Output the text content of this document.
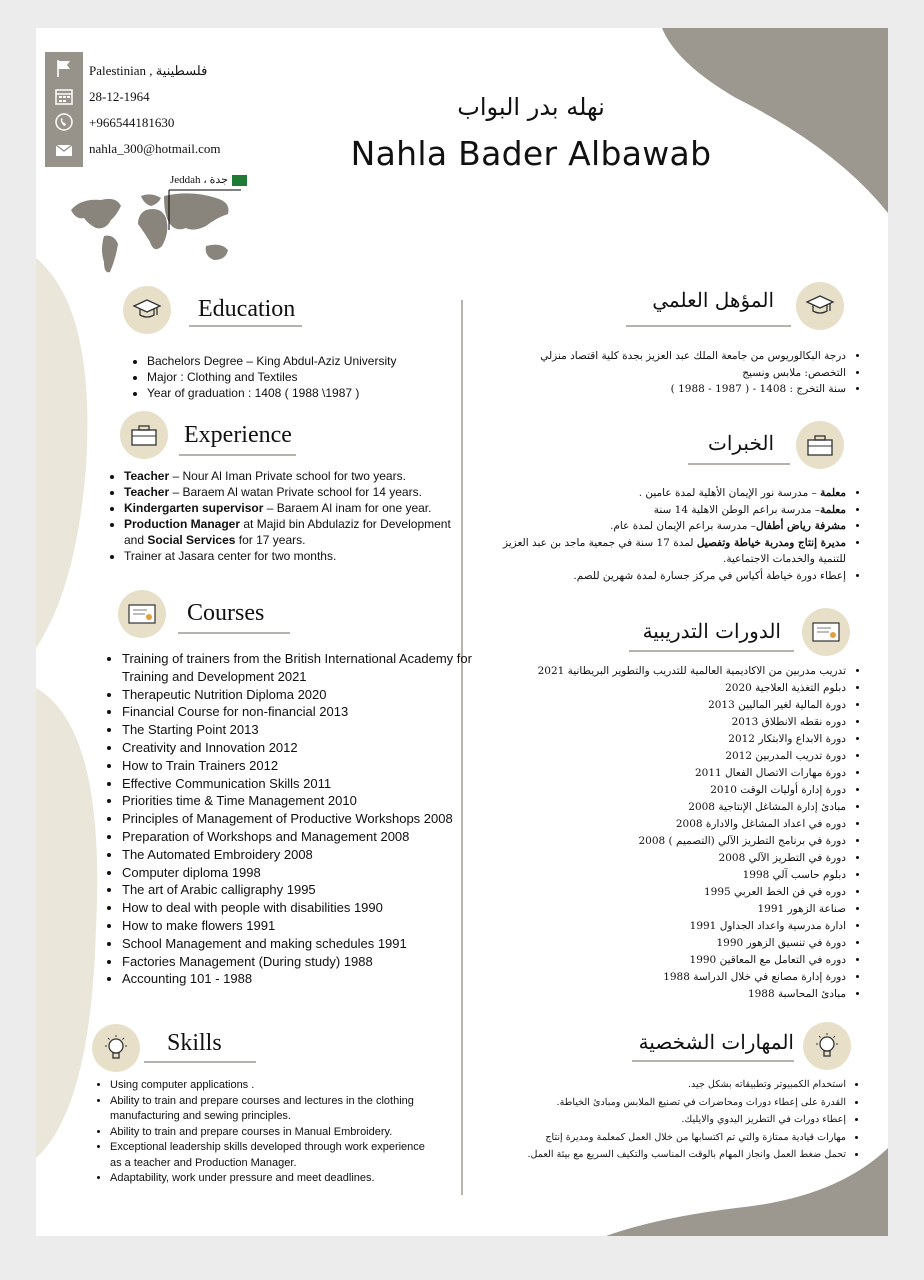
Palestinian , فلسطينية
28-12-1964
+966544181630
nahla_300@hotmail.com
Jeddah ، جدة
نهله بدر البواب
Nahla Bader Albawab
Education
• Bachelors Degree – King Abdul-Aziz University
• Major : Clothing and Textiles
• Year of graduation : 1408 ( 1988 \1987 )
المؤهل العلمي
• درجة البكالوريوس من جامعة الملك عبد العزيز بجدة كلية اقتصاد منزلي
• التخصص: ملابس ونسيج
• سنة التخرج : 1408 - ( 1987 - 1988 )
Experience
• Teacher – Nour Al Iman Private school for two years.
• Teacher – Baraem Al watan Private school for 14 years.
• Kindergarten supervisor – Baraem Al inam for one year.
• Production Manager at Majid bin Abdulaziz for Development and Social Services for 17 years.
• Trainer at Jasara center for two months.
الخبرات
• معلمة – مدرسة نور الإيمان الأهلية لمدة عامين .
• معلمة– مدرسة براعم الوطن الاهلية 14 سنة
• مشرفة رياض أطفال– مدرسة براعم الإيمان لمدة عام.
• مديرة إنتاج ومدربة خياطة وتفصيل لمدة 17 سنة في جمعية ماجد بن عبد العزيز للتنمية والخدمات الاجتماعية.
• إعطاء دورة خياطة أكياس في مركز جسارة لمدة شهرين للصم.
Courses
• Training of trainers from the British International Academy for Training and Development 2021
• Therapeutic Nutrition Diploma 2020
• Financial Course for non-financial 2013
• The Starting Point 2013
• Creativity and Innovation 2012
• How to Train Trainers 2012
• Effective Communication Skills 2011
• Priorities time & Time Management 2010
• Principles of Management of Productive Workshops 2008
• Preparation of Workshops and Management 2008
• The Automated Embroidery 2008
• Computer diploma 1998
• The art of Arabic calligraphy 1995
• How to deal with people with disabilities 1990
• How to make flowers 1991
• School Management and making schedules 1991
• Factories Management (During study) 1988
• Accounting 101 - 1988
الدورات التدريبية
• تدريب مدربين من الاكاديمية العالمية للتدريب والتطوير البريطانية 2021
• دبلوم التغذية العلاجية 2020
• دورة المالية لغير الماليين 2013
• دوره نقطه الانطلاق 2013
• دورة الابداع والابتكار 2012
• دورة تدريب المدربين 2012
• دورة مهارات الاتصال الفعال 2011
• دورة إدارة أوليات الوقت 2010
• مبادئ إدارة المشاغل الإنتاجية 2008
• دوره في اعداد المشاغل والادارة 2008
• دورة في برنامج التطريز الآلي (التصميم ) 2008
• دورة في التطريز الآلي 2008
• دبلوم حاسب آلي 1998
• دوره في فن الخط العربي 1995
• صناعة الزهور 1991
• ادارة مدرسية واعداد الجداول 1991
• دورة في تنسيق الزهور 1990
• دوره في التعامل مع المعاقين 1990
• دورة إدارة مصانع في خلال الدراسة 1988
• مبادئ المحاسبة 1988
Skills
• Using computer applications .
• Ability to train and prepare courses and lectures in the clothing manufacturing and sewing principles.
• Ability to train and prepare courses in Manual Embroidery.
• Exceptional leadership skills developed through work experience as a teacher and Production Manager.
• Adaptability, work under pressure and meet deadlines.
المهارات الشخصية
• استخدام الكمبيوتر وتطبيقاته بشكل جيد.
• القدرة على إعطاء دورات ومحاضرات في تصنيع الملابس ومبادئ الخياطة.
• إعطاء دورات في التطريز اليدوي والايليك.
• مهارات قيادية ممتازة والتي تم اكتسابها من خلال العمل كمعلمة ومديرة إنتاج
• تحمل ضغط العمل وانجاز المهام بالوقت المناسب والتكيف السريع مع بيئة العمل.
